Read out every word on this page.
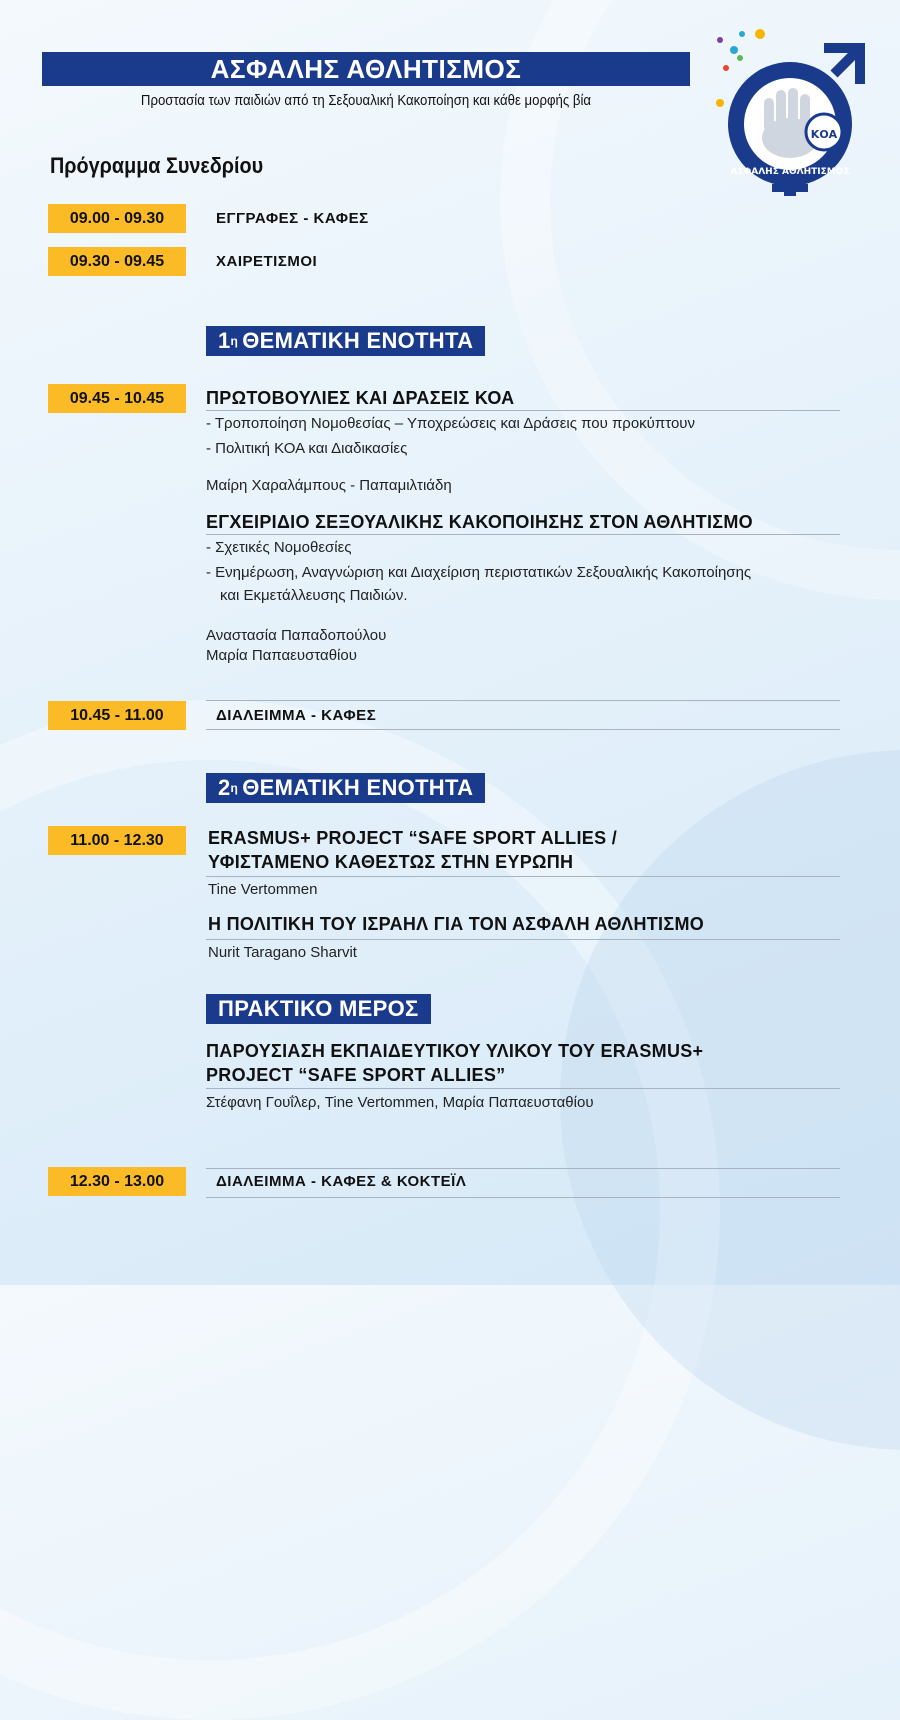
ΑΣΦΑΛΗΣ ΑΘΛΗΤΙΣΜΟΣ
Προστασία των παιδιών από τη Σεξουαλική Κακοποίηση και κάθε μορφής βία
ΚΟΑ
ΑΣΦΑΛΗΣ ΑΘΛΗΤΙΣΜΟΣ
Πρόγραμμα Συνεδρίου
09.00 - 09.30	ΕΓΓΡΑΦΕΣ - ΚΑΦΕΣ
09.30 - 09.45	ΧΑΙΡΕΤΙΣΜΟΙ
1 η ΘΕΜΑΤΙΚΗ ΕΝΟΤΗΤΑ
09.45 - 10.45	ΠΡΩΤΟΒΟΥΛΙΕΣ ΚΑΙ ΔΡΑΣΕΙΣ ΚΟΑ
- Τροποποίηση Νομοθεσίας – Υποχρεώσεις και Δράσεις που προκύπτουν
- Πολιτική ΚΟΑ και Διαδικασίες
Μαίρη Χαραλάμπους - Παπαμιλτιάδη
ΕΓΧΕΙΡΙΔΙΟ ΣΕΞΟΥΑΛΙΚΗΣ ΚΑΚΟΠΟΙΗΣΗΣ ΣΤΟΝ ΑΘΛΗΤΙΣΜΟ
- Σχετικές Νομοθεσίες
- Ενημέρωση, Αναγνώριση και Διαχείριση περιστατικών Σεξουαλικής Κακοποίησης
και Εκμετάλλευσης Παιδιών.
Αναστασία Παπαδοπούλου
Μαρία Παπαευσταθίου
10.45 - 11.00	ΔΙΑΛΕΙΜΜΑ - ΚΑΦΕΣ
2 η ΘΕΜΑΤΙΚΗ ΕΝΟΤΗΤΑ
11.00 - 12.30	ERASMUS+ PROJECT “SAFE SPORT ALLIES /
ΥΦΙΣΤΑΜΕΝΟ ΚΑΘΕΣΤΩΣ ΣΤΗΝ ΕΥΡΩΠΗ
Tine Vertommen
Η ΠΟΛΙΤΙΚΗ ΤΟΥ ΙΣΡΑΗΛ ΓΙΑ ΤΟΝ ΑΣΦΑΛΗ ΑΘΛΗΤΙΣΜΟ
Nurit Taragano Sharvit
ΠΡΑΚΤΙΚΟ ΜΕΡΟΣ
ΠΑΡΟΥΣΙΑΣΗ ΕΚΠΑΙΔΕΥΤΙΚΟΥ ΥΛΙΚΟΥ ΤΟΥ ERASMUS+
PROJECT “SAFE SPORT ALLIES”
Στέφανη Γουΐλερ, Tine Vertommen, Μαρία Παπαευσταθίου
12.30 - 13.00	ΔΙΑΛΕΙΜΜΑ - ΚΑΦΕΣ & ΚΟΚΤΕΪΛ
